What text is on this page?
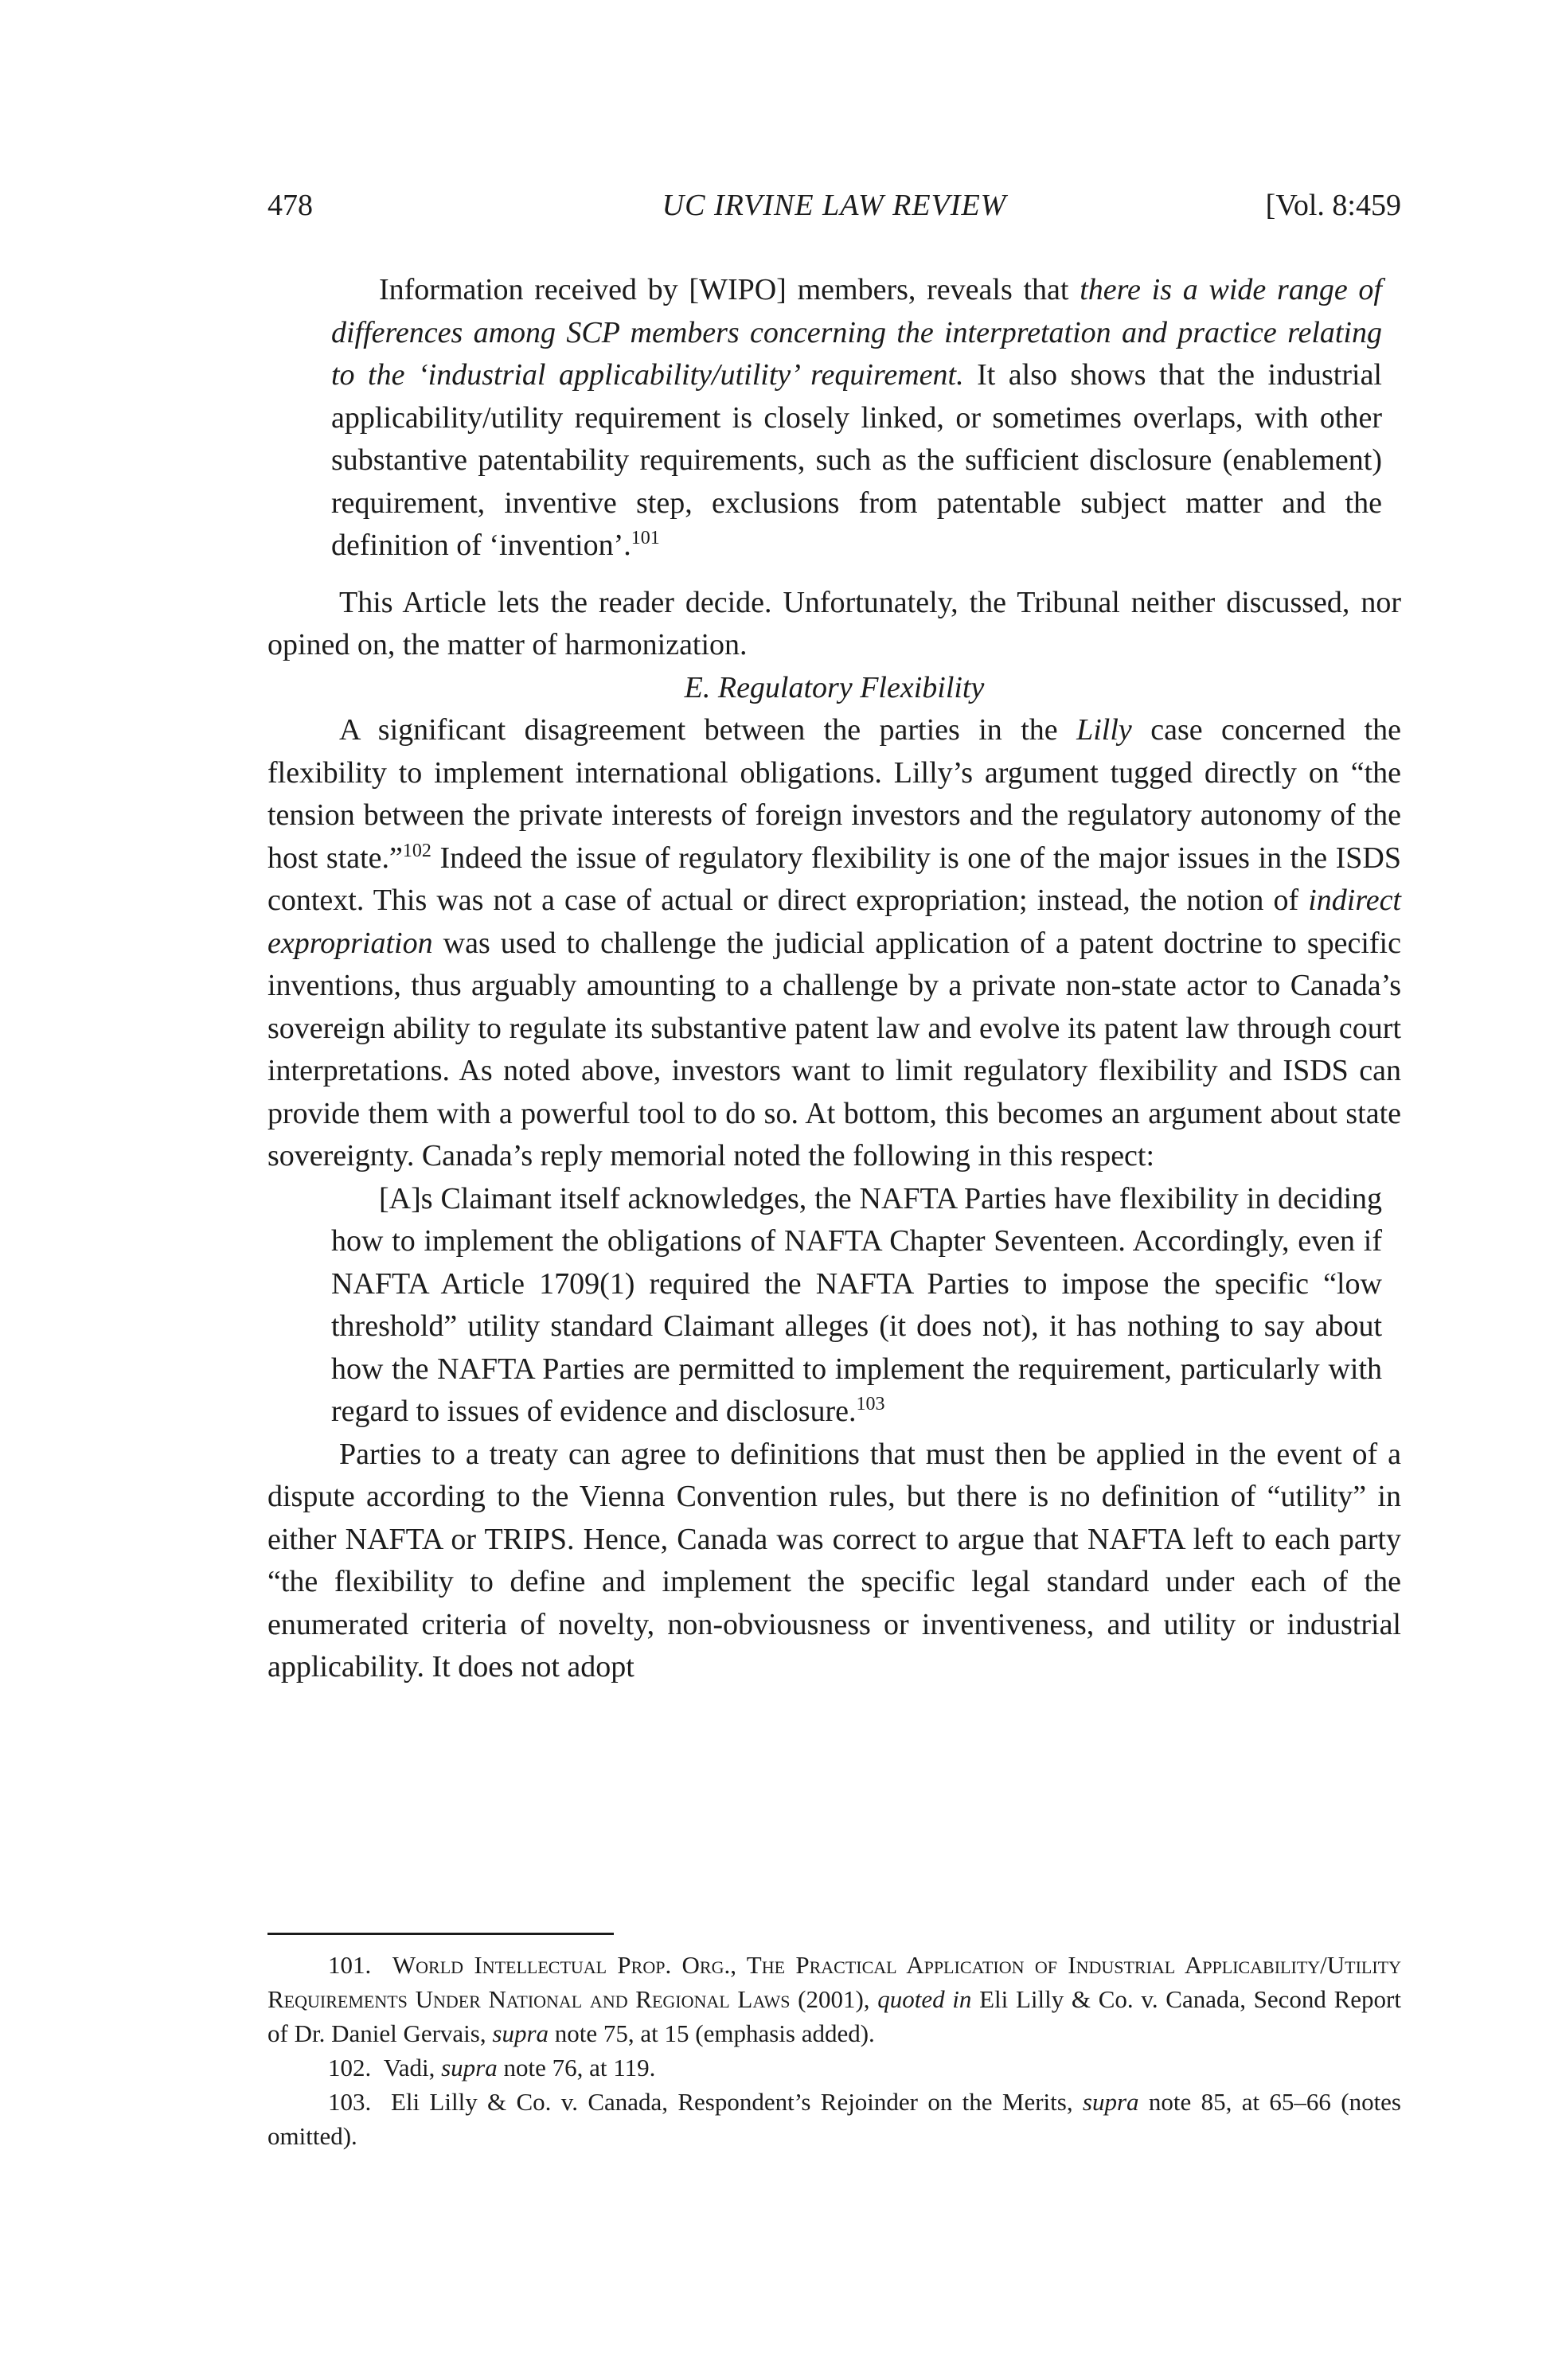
478	UC IRVINE LAW REVIEW	[Vol. 8:459

Information received by [WIPO] members, reveals that there is a wide range of differences among SCP members concerning the interpretation and practice relating to the ‘industrial applicability/utility’ requirement. It also shows that the industrial applicability/utility requirement is closely linked, or sometimes overlaps, with other substantive patentability requirements, such as the sufficient disclosure (enablement) requirement, inventive step, exclusions from patentable subject matter and the definition of ‘invention’.$^{101}$

This Article lets the reader decide. Unfortunately, the Tribunal neither discussed, nor opined on, the matter of harmonization.

E. Regulatory Flexibility

A significant disagreement between the parties in the Lilly case concerned the flexibility to implement international obligations. Lilly’s argument tugged directly on “the tension between the private interests of foreign investors and the regulatory autonomy of the host state.”$^{102}$ Indeed the issue of regulatory flexibility is one of the major issues in the ISDS context. This was not a case of actual or direct expropriation; instead, the notion of indirect expropriation was used to challenge the judicial application of a patent doctrine to specific inventions, thus arguably amounting to a challenge by a private non-state actor to Canada’s sovereign ability to regulate its substantive patent law and evolve its patent law through court interpretations. As noted above, investors want to limit regulatory flexibility and ISDS can provide them with a powerful tool to do so. At bottom, this becomes an argument about state sovereignty. Canada’s reply memorial noted the following in this respect:

[A]s Claimant itself acknowledges, the NAFTA Parties have flexibility in deciding how to implement the obligations of NAFTA Chapter Seventeen. Accordingly, even if NAFTA Article 1709(1) required the NAFTA Parties to impose the specific “low threshold” utility standard Claimant alleges (it does not), it has nothing to say about how the NAFTA Parties are permitted to implement the requirement, particularly with regard to issues of evidence and disclosure.$^{103}$

Parties to a treaty can agree to definitions that must then be applied in the event of a dispute according to the Vienna Convention rules, but there is no definition of “utility” in either NAFTA or TRIPS. Hence, Canada was correct to argue that NAFTA left to each party “the flexibility to define and implement the specific legal standard under each of the enumerated criteria of novelty, non-obviousness or inventiveness, and utility or industrial applicability. It does not adopt

101. World Intellectual Prop. Org., The Practical Application of Industrial Applicability/Utility Requirements Under National and Regional Laws (2001), quoted in Eli Lilly & Co. v. Canada, Second Report of Dr. Daniel Gervais, supra note 75, at 15 (emphasis added).

102. Vadi, supra note 76, at 119.

103. Eli Lilly & Co. v. Canada, Respondent’s Rejoinder on the Merits, supra note 85, at 65–66 (notes omitted).
